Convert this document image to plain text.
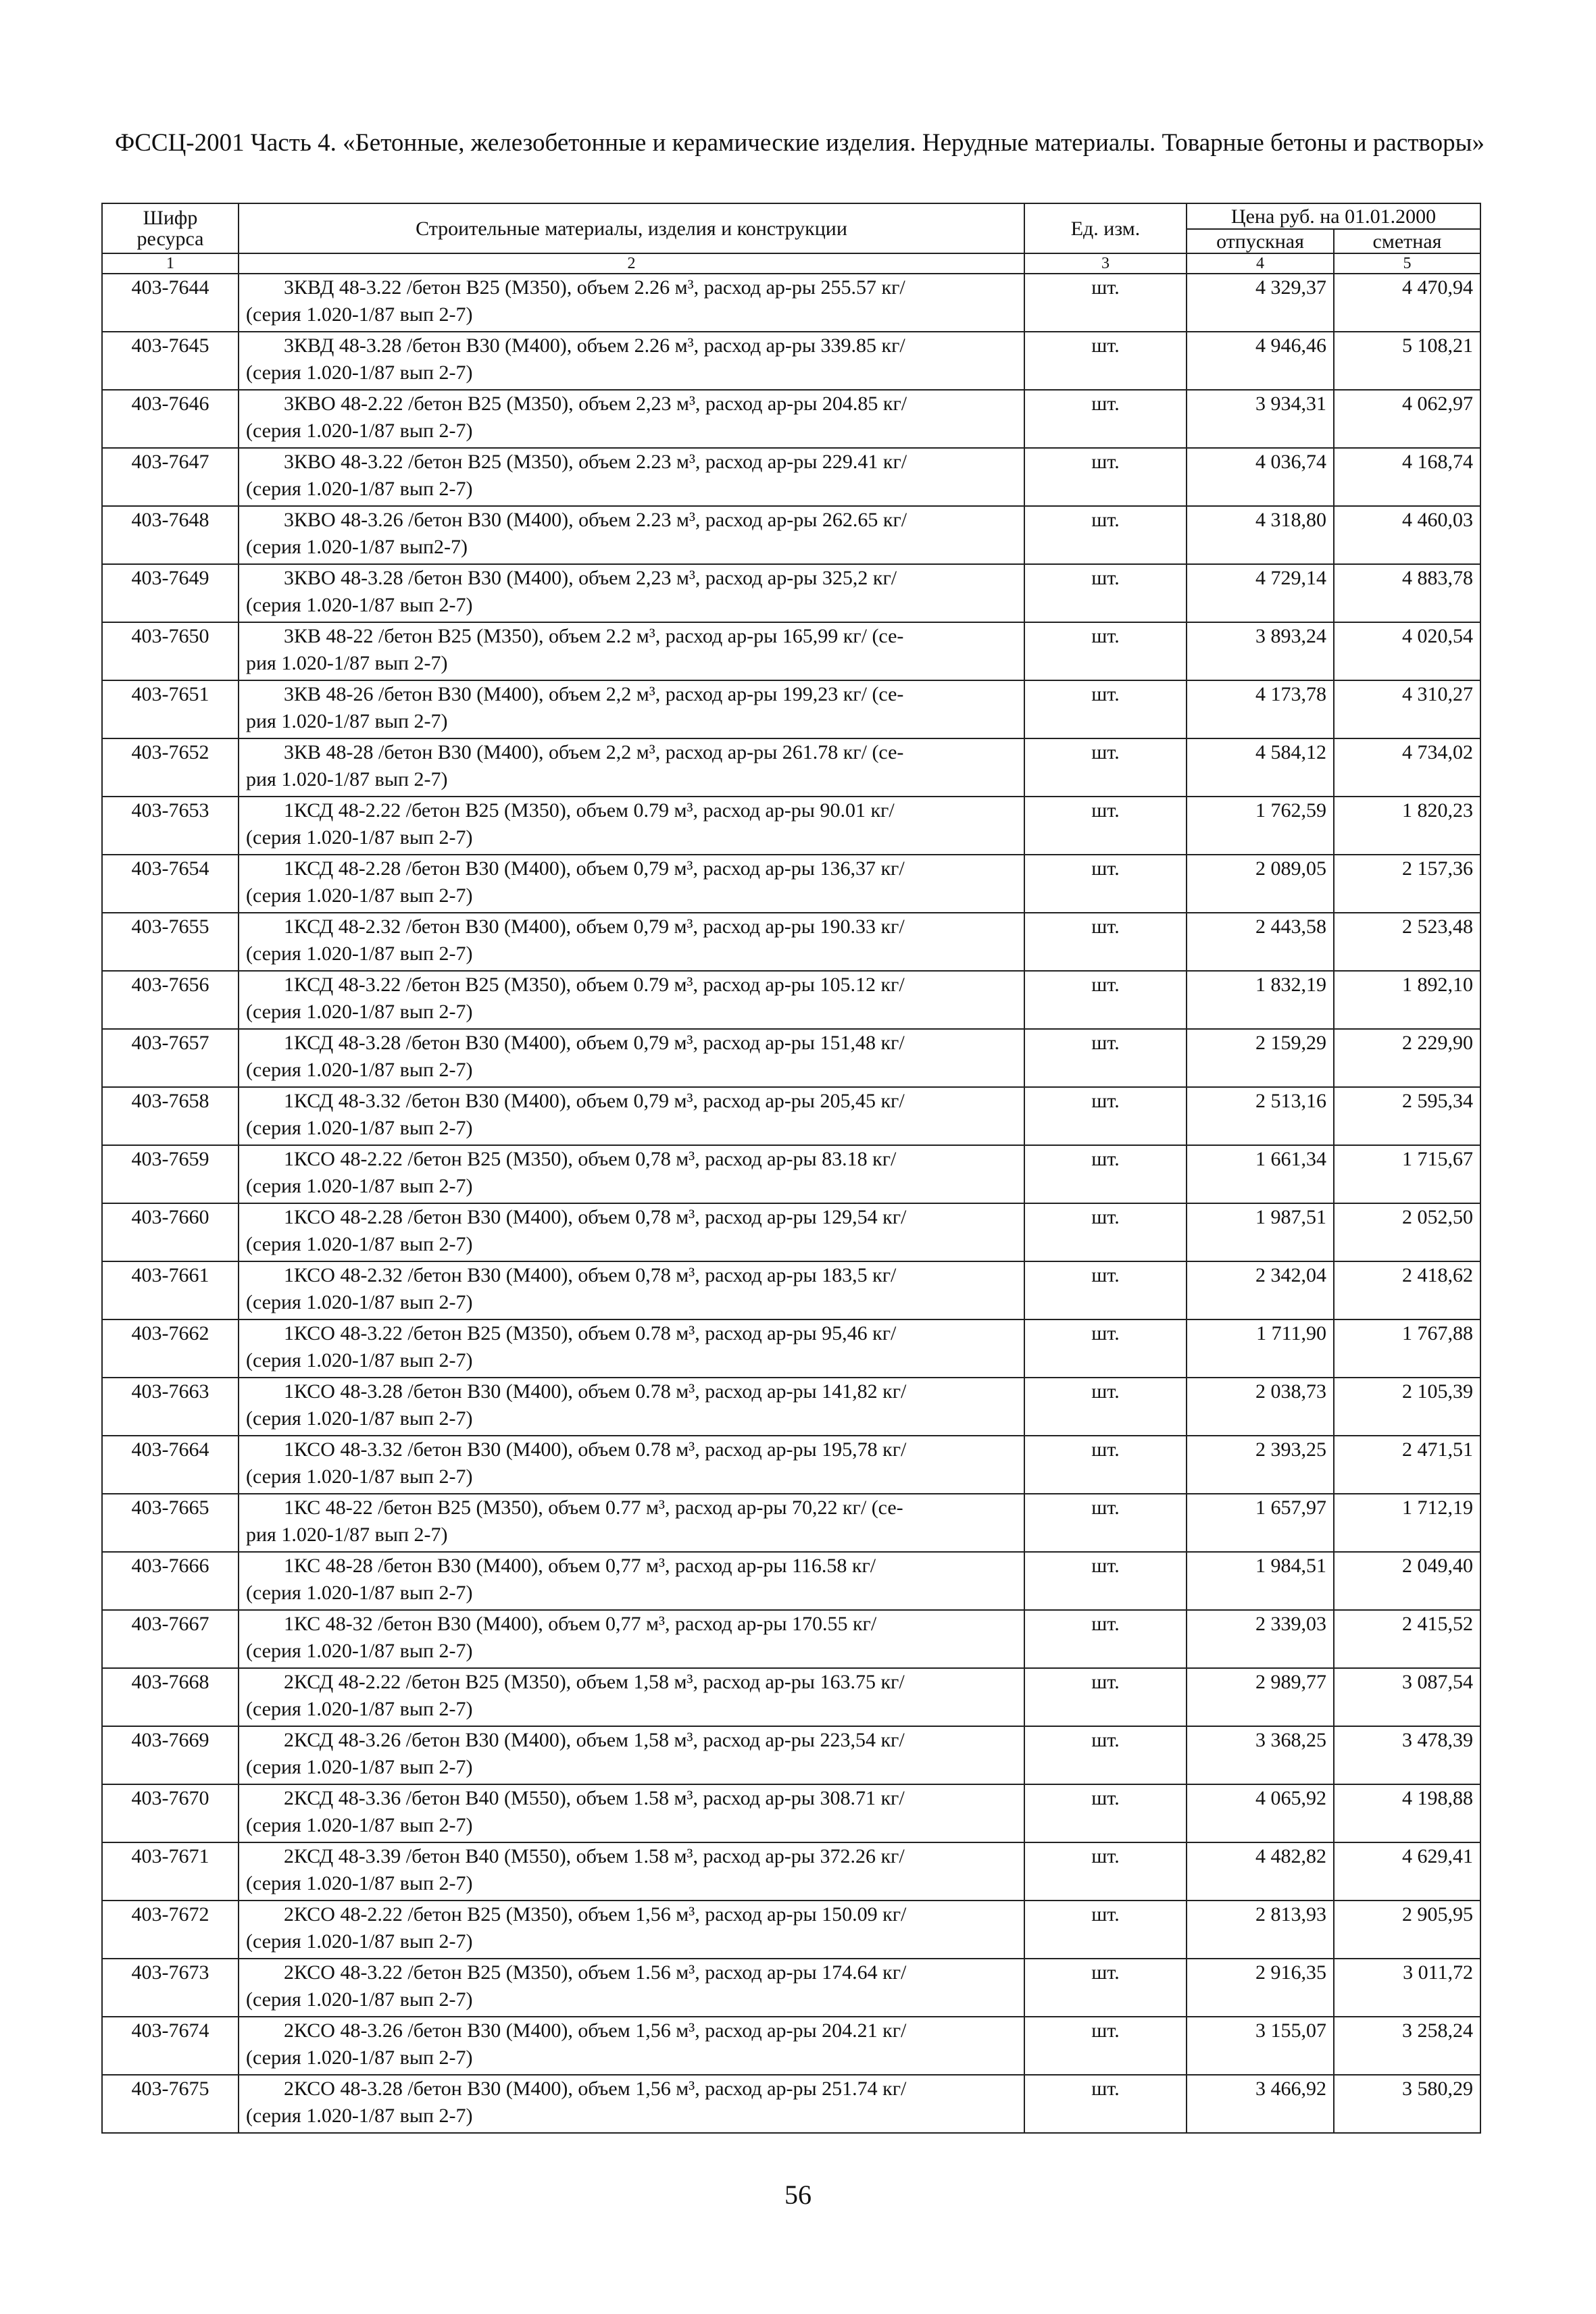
ФССЦ-2001 Часть 4. «Бетонные, железобетонные и керамические изделия. Нерудные материалы. Товарные бетоны и растворы»
Шифр ресурса	Строительные материалы, изделия и конструкции	Ед. изм.	Цена руб. на 01.01.2000	
			отпускная	сметная
1	2	3	4	5
403-7644	3КВД 48-3.22 /бетон В25 (М350), объем 2.26 м³, расход ар-ры 255.57 кг/
(серия 1.020-1/87 вып 2-7)	шт.	4 329,37	4 470,94
403-7645	3КВД 48-3.28 /бетон В30 (М400), объем 2.26 м³, расход ар-ры 339.85 кг/
(серия 1.020-1/87 вып 2-7)	шт.	4 946,46	5 108,21
403-7646	3КВО 48-2.22 /бетон В25 (М350), объем 2,23 м³, расход ар-ры 204.85 кг/
(серия 1.020-1/87 вып 2-7)	шт.	3 934,31	4 062,97
403-7647	3КВО 48-3.22 /бетон В25 (М350), объем 2.23 м³, расход ар-ры 229.41 кг/
(серия 1.020-1/87 вып 2-7)	шт.	4 036,74	4 168,74
403-7648	3КВО 48-3.26 /бетон В30 (М400), объем 2.23 м³, расход ар-ры 262.65 кг/
(серия 1.020-1/87 вып2-7)	шт.	4 318,80	4 460,03
403-7649	3КВО 48-3.28 /бетон В30 (М400), объем 2,23 м³, расход ар-ры 325,2 кг/
(серия 1.020-1/87 вып 2-7)	шт.	4 729,14	4 883,78
403-7650	3КВ 48-22 /бетон В25 (М350), объем 2.2 м³, расход ар-ры 165,99 кг/ (се-
рия 1.020-1/87 вып 2-7)	шт.	3 893,24	4 020,54
403-7651	3КВ 48-26 /бетон В30 (М400), объем 2,2 м³, расход ар-ры 199,23 кг/ (се-
рия 1.020-1/87 вып 2-7)	шт.	4 173,78	4 310,27
403-7652	3КВ 48-28 /бетон В30 (М400), объем 2,2 м³, расход ар-ры 261.78 кг/ (се-
рия 1.020-1/87 вып 2-7)	шт.	4 584,12	4 734,02
403-7653	1КСД 48-2.22 /бетон В25 (М350), объем 0.79 м³, расход ар-ры 90.01 кг/
(серия 1.020-1/87 вып 2-7)	шт.	1 762,59	1 820,23
403-7654	1КСД 48-2.28 /бетон В30 (М400), объем 0,79 м³, расход ар-ры 136,37 кг/
(серия 1.020-1/87 вып 2-7)	шт.	2 089,05	2 157,36
403-7655	1КСД 48-2.32 /бетон В30 (М400), объем 0,79 м³, расход ар-ры 190.33 кг/
(серия 1.020-1/87 вып 2-7)	шт.	2 443,58	2 523,48
403-7656	1КСД 48-3.22 /бетон В25 (М350), объем 0.79 м³, расход ар-ры 105.12 кг/
(серия 1.020-1/87 вып 2-7)	шт.	1 832,19	1 892,10
403-7657	1КСД 48-3.28 /бетон В30 (М400), объем 0,79 м³, расход ар-ры 151,48 кг/
(серия 1.020-1/87 вып 2-7)	шт.	2 159,29	2 229,90
403-7658	1КСД 48-3.32 /бетон В30 (М400), объем 0,79 м³, расход ар-ры 205,45 кг/
(серия 1.020-1/87 вып 2-7)	шт.	2 513,16	2 595,34
403-7659	1КСО 48-2.22 /бетон В25 (М350), объем 0,78 м³, расход ар-ры 83.18 кг/
(серия 1.020-1/87 вып 2-7)	шт.	1 661,34	1 715,67
403-7660	1КСО 48-2.28 /бетон В30 (М400), объем 0,78 м³, расход ар-ры 129,54 кг/
(серия 1.020-1/87 вып 2-7)	шт.	1 987,51	2 052,50
403-7661	1КСО 48-2.32 /бетон В30 (М400), объем 0,78 м³, расход ар-ры 183,5 кг/
(серия 1.020-1/87 вып 2-7)	шт.	2 342,04	2 418,62
403-7662	1КСО 48-3.22 /бетон В25 (М350), объем 0.78 м³, расход ар-ры 95,46 кг/
(серия 1.020-1/87 вып 2-7)	шт.	1 711,90	1 767,88
403-7663	1КСО 48-3.28 /бетон В30 (М400), объем 0.78 м³, расход ар-ры 141,82 кг/
(серия 1.020-1/87 вып 2-7)	шт.	2 038,73	2 105,39
403-7664	1КСО 48-3.32 /бетон В30 (М400), объем 0.78 м³, расход ар-ры 195,78 кг/
(серия 1.020-1/87 вып 2-7)	шт.	2 393,25	2 471,51
403-7665	1КС 48-22 /бетон В25 (М350), объем 0.77 м³, расход ар-ры 70,22 кг/ (се-
рия 1.020-1/87 вып 2-7)	шт.	1 657,97	1 712,19
403-7666	1КС 48-28 /бетон В30 (М400), объем 0,77 м³, расход ар-ры 116.58 кг/
(серия 1.020-1/87 вып 2-7)	шт.	1 984,51	2 049,40
403-7667	1КС 48-32 /бетон В30 (М400), объем 0,77 м³, расход ар-ры 170.55 кг/
(серия 1.020-1/87 вып 2-7)	шт.	2 339,03	2 415,52
403-7668	2КСД 48-2.22 /бетон В25 (М350), объем 1,58 м³, расход ар-ры 163.75 кг/
(серия 1.020-1/87 вып 2-7)	шт.	2 989,77	3 087,54
403-7669	2КСД 48-3.26 /бетон В30 (М400), объем 1,58 м³, расход ар-ры 223,54 кг/
(серия 1.020-1/87 вып 2-7)	шт.	3 368,25	3 478,39
403-7670	2КСД 48-3.36 /бетон В40 (М550), объем 1.58 м³, расход ар-ры 308.71 кг/
(серия 1.020-1/87 вып 2-7)	шт.	4 065,92	4 198,88
403-7671	2КСД 48-3.39 /бетон В40 (М550), объем 1.58 м³, расход ар-ры 372.26 кг/
(серия 1.020-1/87 вып 2-7)	шт.	4 482,82	4 629,41
403-7672	2КСО 48-2.22 /бетон В25 (М350), объем 1,56 м³, расход ар-ры 150.09 кг/
(серия 1.020-1/87 вып 2-7)	шт.	2 813,93	2 905,95
403-7673	2КСО 48-3.22 /бетон В25 (М350), объем 1.56 м³, расход ар-ры 174.64 кг/
(серия 1.020-1/87 вып 2-7)	шт.	2 916,35	3 011,72
403-7674	2КСО 48-3.26 /бетон В30 (М400), объем 1,56 м³, расход ар-ры 204.21 кг/
(серия 1.020-1/87 вып 2-7)	шт.	3 155,07	3 258,24
403-7675	2КСО 48-3.28 /бетон В30 (М400), объем 1,56 м³, расход ар-ры 251.74 кг/
(серия 1.020-1/87 вып 2-7)	шт.	3 466,92	3 580,29

56
